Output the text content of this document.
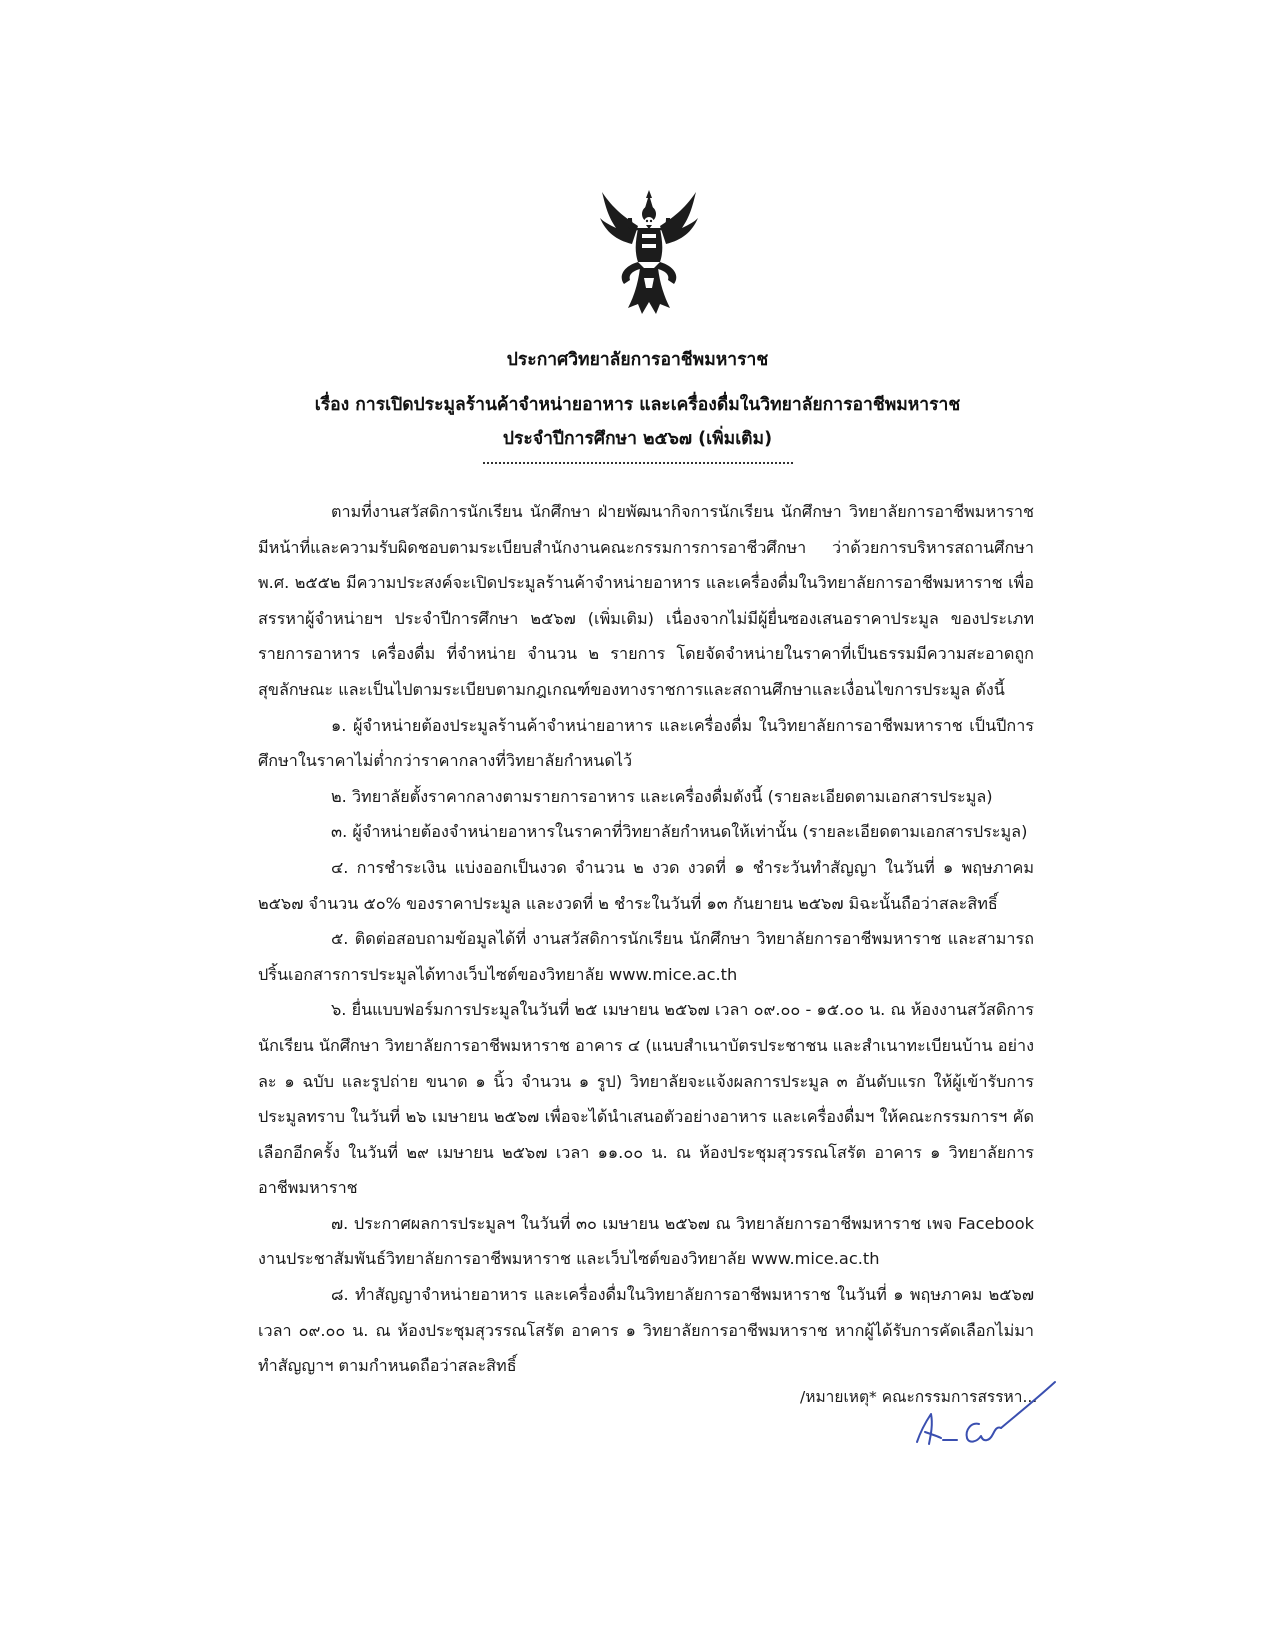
ประกาศวิทยาลัยการอาชีพมหาราช
เรื่อง การเปิดประมูลร้านค้าจำหน่ายอาหาร และเครื่องดื่มในวิทยาลัยการอาชีพมหาราช
ประจำปีการศึกษา ๒๕๖๗ (เพิ่มเติม)

ตามที่งานสวัสดิการนักเรียน นักศึกษา ฝ่ายพัฒนากิจการนักเรียน นักศึกษา วิทยาลัยการอาชีพมหาราช มีหน้าที่และความรับผิดชอบตามระเบียบสำนักงานคณะกรรมการการอาชีวศึกษา ว่าด้วยการบริหารสถานศึกษา พ.ศ. ๒๕๕๒ มีความประสงค์จะเปิดประมูลร้านค้าจำหน่ายอาหาร และเครื่องดื่มในวิทยาลัยการอาชีพมหาราช เพื่อสรรหาผู้จำหน่ายฯ ประจำปีการศึกษา ๒๕๖๗ (เพิ่มเติม) เนื่องจากไม่มีผู้ยื่นซองเสนอราคาประมูล ของประเภทรายการอาหาร เครื่องดื่ม ที่จำหน่าย จำนวน ๒ รายการ โดยจัดจำหน่ายในราคาที่เป็นธรรมมีความสะอาดถูกสุขลักษณะ และเป็นไปตามระเบียบตามกฎเกณฑ์ของทางราชการและสถานศึกษาและเงื่อนไขการประมูล ดังนี้

๑. ผู้จำหน่ายต้องประมูลร้านค้าจำหน่ายอาหาร และเครื่องดื่ม ในวิทยาลัยการอาชีพมหาราช เป็นปีการศึกษาในราคาไม่ต่ำกว่าราคากลางที่วิทยาลัยกำหนดไว้

๒. วิทยาลัยตั้งราคากลางตามรายการอาหาร และเครื่องดื่มดังนี้ (รายละเอียดตามเอกสารประมูล)

๓. ผู้จำหน่ายต้องจำหน่ายอาหารในราคาที่วิทยาลัยกำหนดให้เท่านั้น (รายละเอียดตามเอกสารประมูล)

๔. การชำระเงิน แบ่งออกเป็นงวด จำนวน ๒ งวด งวดที่ ๑ ชำระวันทำสัญญา ในวันที่ ๑ พฤษภาคม ๒๕๖๗ จำนวน ๕๐% ของราคาประมูล และงวดที่ ๒ ชำระในวันที่ ๑๓ กันยายน ๒๕๖๗ มิฉะนั้นถือว่าสละสิทธิ์

๕. ติดต่อสอบถามข้อมูลได้ที่ งานสวัสดิการนักเรียน นักศึกษา วิทยาลัยการอาชีพมหาราช และสามารถปริ้นเอกสารการประมูลได้ทางเว็บไซต์ของวิทยาลัย www.mice.ac.th

๖. ยื่นแบบฟอร์มการประมูลในวันที่ ๒๕ เมษายน ๒๕๖๗ เวลา ๐๙.๐๐ - ๑๕.๐๐ น. ณ ห้องงานสวัสดิการนักเรียน นักศึกษา วิทยาลัยการอาชีพมหาราช อาคาร ๔ (แนบสำเนาบัตรประชาชน และสำเนาทะเบียนบ้าน อย่างละ ๑ ฉบับ และรูปถ่าย ขนาด ๑ นิ้ว จำนวน ๑ รูป) วิทยาลัยจะแจ้งผลการประมูล ๓ อันดับแรก ให้ผู้เข้ารับการประมูลทราบ ในวันที่ ๒๖ เมษายน ๒๕๖๗ เพื่อจะได้นำเสนอตัวอย่างอาหาร และเครื่องดื่มฯ ให้คณะกรรมการฯ คัดเลือกอีกครั้ง ในวันที่ ๒๙ เมษายน ๒๕๖๗ เวลา ๑๑.๐๐ น. ณ ห้องประชุมสุวรรณโสรัต อาคาร ๑ วิทยาลัยการอาชีพมหาราช

๗. ประกาศผลการประมูลฯ ในวันที่ ๓๐ เมษายน ๒๕๖๗ ณ วิทยาลัยการอาชีพมหาราช เพจ Facebook งานประชาสัมพันธ์วิทยาลัยการอาชีพมหาราช และเว็บไซต์ของวิทยาลัย www.mice.ac.th

๘. ทำสัญญาจำหน่ายอาหาร และเครื่องดื่มในวิทยาลัยการอาชีพมหาราช ในวันที่ ๑ พฤษภาคม ๒๕๖๗ เวลา ๐๙.๐๐ น. ณ ห้องประชุมสุวรรณโสรัต อาคาร ๑ วิทยาลัยการอาชีพมหาราช หากผู้ได้รับการคัดเลือกไม่มาทำสัญญาฯ ตามกำหนดถือว่าสละสิทธิ์

/หมายเหตุ* คณะกรรมการสรรหา...
